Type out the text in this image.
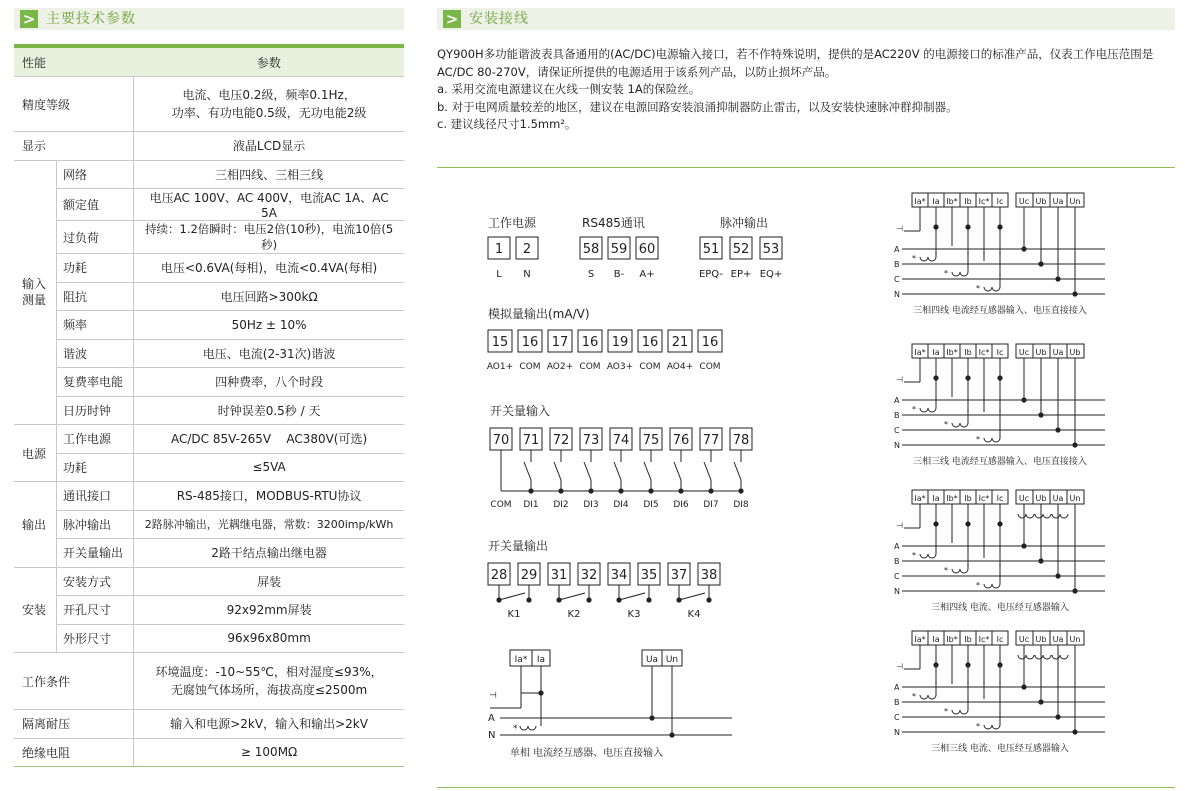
> 主要技术参数	> 安装接线
性能		参数
精度等级		电流、电压0.2级，频率0.1Hz，
功率、有功电能0.5级，无功电能2级
显示		液晶LCD显示
输入
测量	网络	三相四线、三相三线
	额定值	电压AC 100V、AC 400V，电流AC 1A、AC 5A
	过负荷	持续：1.2倍瞬时：电压2倍(10秒)，电流10倍(5秒)
	功耗	电压<0.6VA(每相)，电流<0.4VA(每相)
	阻抗	电压回路>300kΩ
	频率	50Hz ± 10%
	谐波	电压、电流(2-31次)谐波
	复费率电能	四种费率，八个时段
	日历时钟	时钟误差0.5秒 / 天
电源	工作电源	AC/DC 85V-265V    AC380V(可选)
	功耗	≤5VA
输出	通讯接口	RS-485接口，MODBUS-RTU协议
	脉冲输出	2路脉冲输出，光耦继电器，常数：3200imp/kWh
	开关量输出	2路干结点输出继电器
安装	安装方式	屏装
	开孔尺寸	92x92mm屏装
	外形尺寸	96x96x80mm
工作条件		环境温度：-10~55℃，相对湿度≤93%，
无腐蚀气体场所，海拔高度≤2500m
隔离耐压		输入和电源>2kV，输入和输出>2kV
绝缘电阻		≥ 100MΩ

QY900H多功能谐波表具备通用的(AC/DC)电源输入接口，若不作特殊说明，提供的是AC220V 的电源接口的标准产品，仪表工作电压范围是AC/DC 80-270V，请保证所提供的电源适用于该系列产品，以防止损坏产品。

a. 采用交流电源建议在火线一侧安装 1A的保险丝。

b. 对于电网质量较差的地区，建议在电源回路安装浪涌抑制器防止雷击，以及安装快速脉冲群抑制器。

c. 建议线径尺寸1.5mm²。

工作电源	RS485通讯	脉冲输出
1 2
L N
58 59 60
S B- A+
51 52 53
EPQ- EP+ EQ+
模拟量输出(mA/V)
15 16 17 16 19 16 21 16
AO1+ COM AO2+ COM AO3+ COM AO4+ COM
开关量输入
70 71 72 73 74 75 76 77 78
COM DI1 DI2 DI3 DI4 DI5 DI6 DI7 DI8
开关量输出
28 29 31 32 34 35 37 38
K1	K2	K3	K4
Ia* Ia	Ua Un
⊣
A
N
*
单相 电流经互感器、电压直接输入
Ia* Ia Ib* Ib Ic* Ic Uc Ub Ua Un
A
B
C
N
⊣
*
*
*
三相四线 电流经互感器输入、电压直接接入
Ia* Ia Ib* Ib Ic* Ic Uc Ub Ua Ub
A
B
C
N
⊣
*
*
*
三相三线 电流经互感器输入、电压直接接入
Ia* Ia Ib* Ib Ic* Ic Uc Ub Ua Un
A
B
C
N
⊣
*
*
*
三相四线 电流、电压经互感器输入
Ia* Ia Ib* Ib Ic* Ic Uc Ub Ua Un
A
B
C
N
⊣
*
*
*
三相三线 电流、电压经互感器输入
